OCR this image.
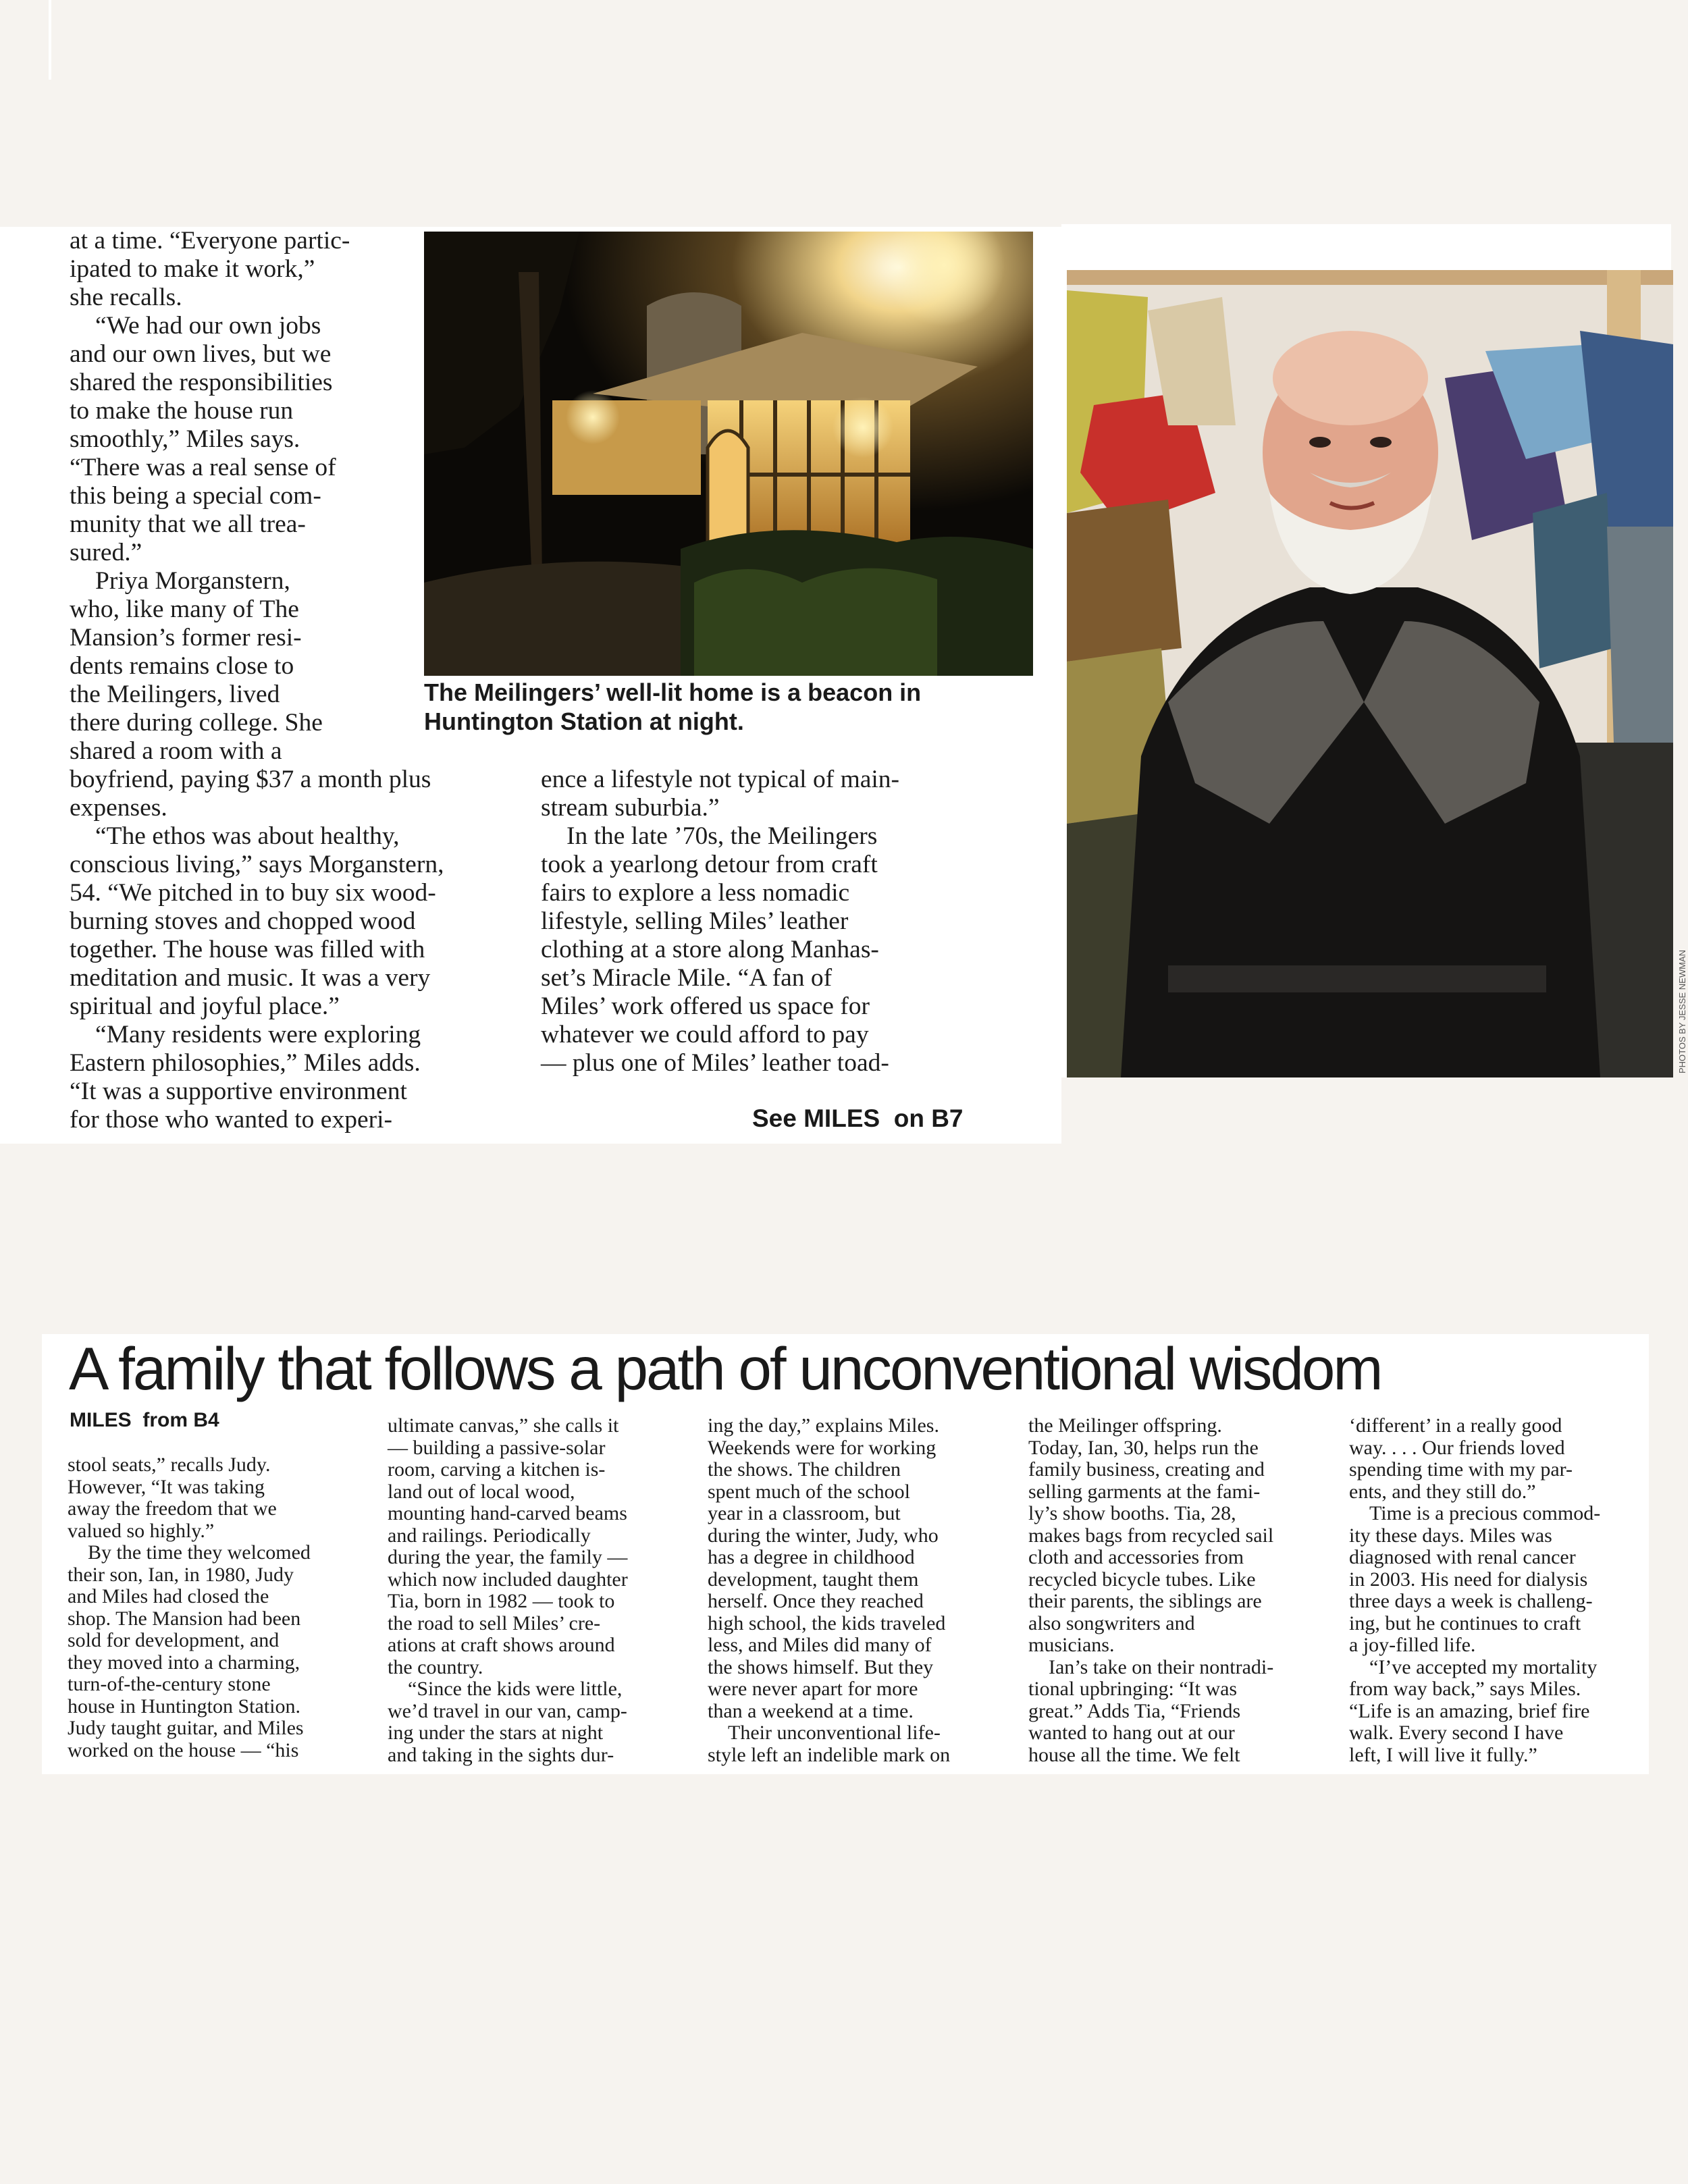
at a time. “Everyone partic-
ipated to make it work,”
she recalls.

“We had our own jobs
and our own lives, but we
shared the responsibilities
to make the house run
smoothly,” Miles says.
“There was a real sense of
this being a special com-
munity that we all trea-
sured.”

Priya Morganstern,
who, like many of The
Mansion’s former resi-
dents remains close to
the Meilingers, lived
there during college. She
shared a room with a
boyfriend, paying $37 a month plus
expenses.

“The ethos was about healthy,
conscious living,” says Morganstern,
54. “We pitched in to buy six wood-
burning stoves and chopped wood
together. The house was filled with
meditation and music. It was a very
spiritual and joyful place.”

“Many residents were exploring
Eastern philosophies,” Miles adds.
“It was a supportive environment
for those who wanted to experi-

The Meilingers’ well-lit home is a beacon in
Huntington Station at night.

ence a lifestyle not typical of main-
stream suburbia.”

In the late ’70s, the Meilingers
took a yearlong detour from craft
fairs to explore a less nomadic
lifestyle, selling Miles’ leather
clothing at a store along Manhas-
set’s Miracle Mile. “A fan of
Miles’ work offered us space for
whatever we could afford to pay
— plus one of Miles’ leather toad-

See MILES  on B7
PHOTOS BY JESSE NEWMAN
A family that follows a path of unconventional wisdom
MILES  from B4

stool seats,” recalls Judy.
However, “It was taking
away the freedom that we
valued so highly.”

By the time they welcomed
their son, Ian, in 1980, Judy
and Miles had closed the
shop. The Mansion had been
sold for development, and
they moved into a charming,
turn-of-the-century stone
house in Huntington Station.
Judy taught guitar, and Miles
worked on the house — “his

ultimate canvas,” she calls it
— building a passive-solar
room, carving a kitchen is-
land out of local wood,
mounting hand-carved beams
and railings. Periodically
during the year, the family —
which now included daughter
Tia, born in 1982 — took to
the road to sell Miles’ cre-
ations at craft shows around
the country.

“Since the kids were little,
we’d travel in our van, camp-
ing under the stars at night
and taking in the sights dur-

ing the day,” explains Miles.
Weekends were for working
the shows. The children
spent much of the school
year in a classroom, but
during the winter, Judy, who
has a degree in childhood
development, taught them
herself. Once they reached
high school, the kids traveled
less, and Miles did many of
the shows himself. But they
were never apart for more
than a weekend at a time.

Their unconventional life-
style left an indelible mark on

the Meilinger offspring.
Today, Ian, 30, helps run the
family business, creating and
selling garments at the fami-
ly’s show booths. Tia, 28,
makes bags from recycled sail
cloth and accessories from
recycled bicycle tubes. Like
their parents, the siblings are
also songwriters and
musicians.

Ian’s take on their nontradi-
tional upbringing: “It was
great.” Adds Tia, “Friends
wanted to hang out at our
house all the time. We felt

‘different’ in a really good
way. . . . Our friends loved
spending time with my par-
ents, and they still do.”

Time is a precious commod-
ity these days. Miles was
diagnosed with renal cancer
in 2003. His need for dialysis
three days a week is challeng-
ing, but he continues to craft
a joy-filled life.

“I’ve accepted my mortality
from way back,” says Miles.
“Life is an amazing, brief fire
walk. Every second I have
left, I will live it fully.”
